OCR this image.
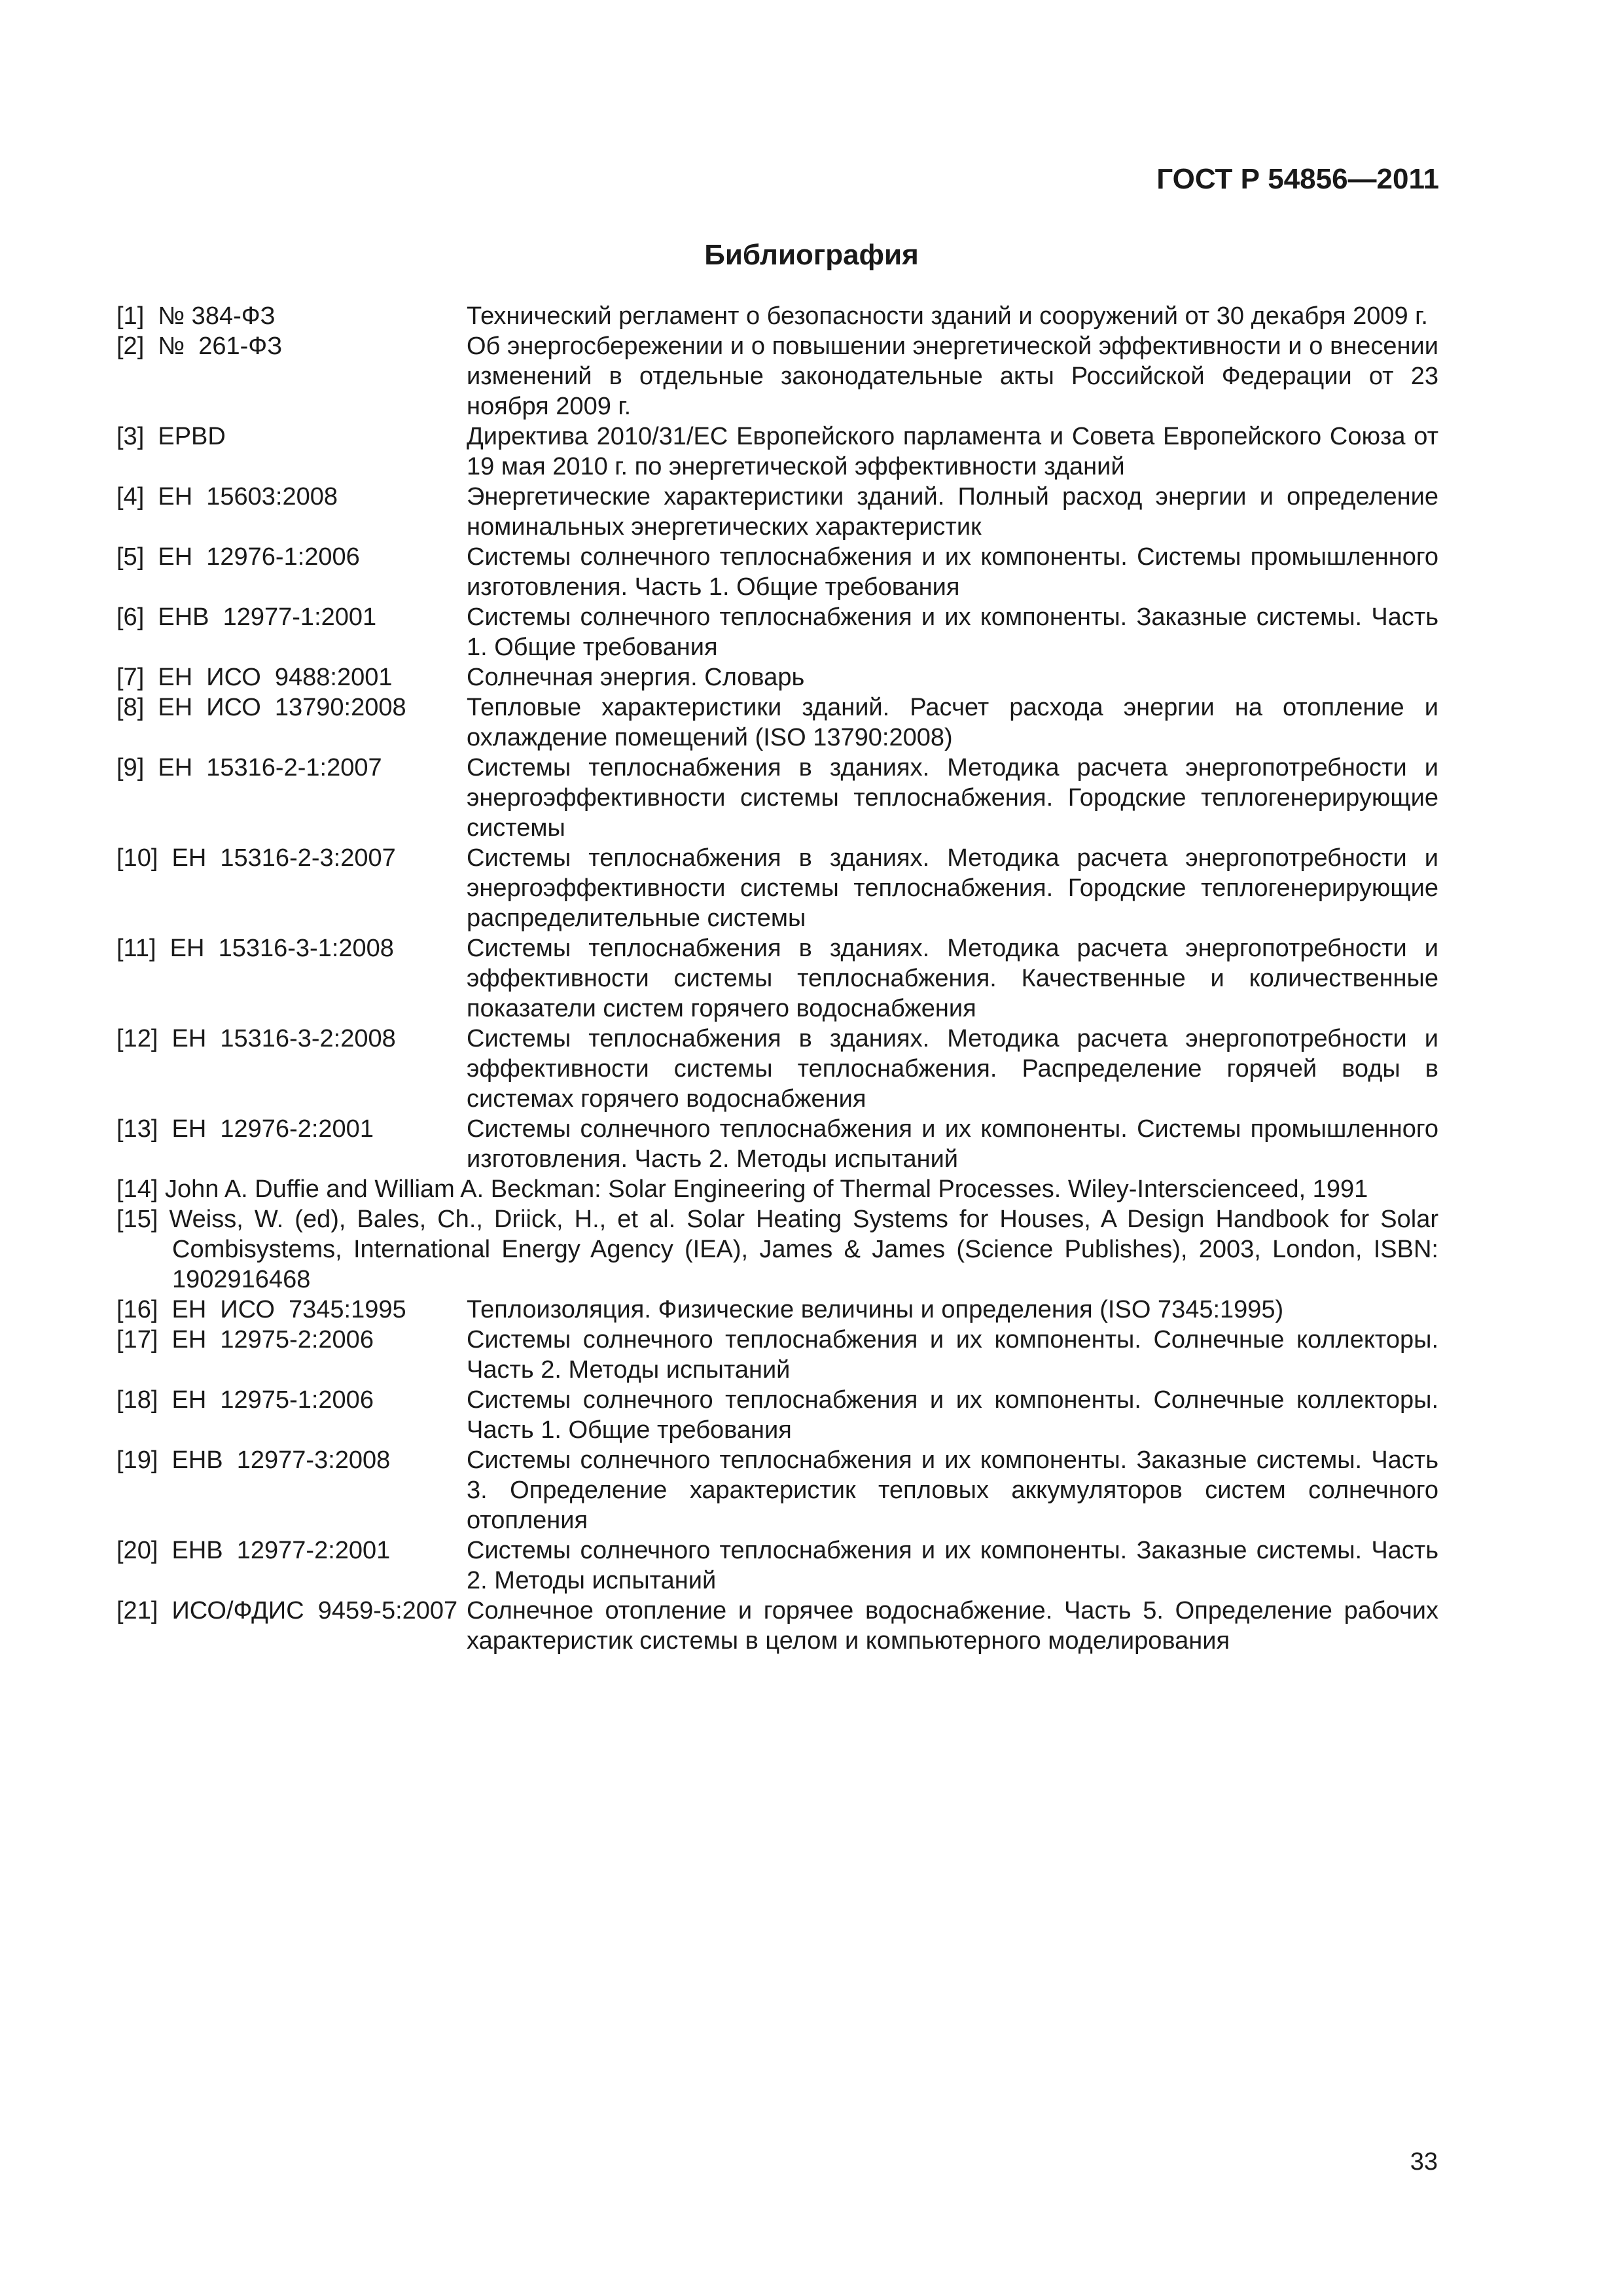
ГОСТ Р 54856—2011
Библиография
[1]  № 384-ФЗ	Технический регламент о безопасности зданий и сооружений от 30 декабря 2009 г.
[2]  №  261-ФЗ	Об энергосбережении и о повышении энергетической эффективности и о внесении изменений в отдельные законодательные акты Российской Федерации от 23 ноября 2009 г.
[3]  EPBD	Директива 2010/31/EC Европейского парламента и Совета Европейского Союза от 19 мая 2010 г. по энергетической эффективности зданий
[4]  ЕН  15603:2008	Энергетические характеристики зданий. Полный расход энергии и определение номинальных энергетических характеристик
[5]  ЕН  12976-1:2006	Системы солнечного теплоснабжения и их компоненты. Системы промышленного изготовления. Часть 1. Общие требования
[6]  ЕНВ  12977-1:2001	Системы солнечного теплоснабжения и их компоненты. Заказные системы. Часть 1. Общие требования
[7]  ЕН  ИСО  9488:2001	Солнечная энергия. Словарь
[8]  ЕН  ИСО  13790:2008	Тепловые характеристики зданий. Расчет расхода энергии на отопление и охлаждение помещений (ISO 13790:2008)
[9]  ЕН  15316-2-1:2007	Системы теплоснабжения в зданиях. Методика расчета энергопотребности и энергоэффективности системы теплоснабжения. Городские теплогенерирующие системы
[10]  ЕН  15316-2-3:2007	Системы теплоснабжения в зданиях. Методика расчета энергопотребности и энергоэффективности системы теплоснабжения. Городские теплогенерирующие распределительные системы
[11]  ЕН  15316-3-1:2008	Системы теплоснабжения в зданиях. Методика расчета энергопотребности и эффективности системы теплоснабжения. Качественные и количественные показатели систем горячего водоснабжения
[12]  ЕН  15316-3-2:2008	Системы теплоснабжения в зданиях. Методика расчета энергопотребности и эффективности системы теплоснабжения. Распределение горячей воды в системах горячего водоснабжения
[13]  ЕН  12976-2:2001	Системы солнечного теплоснабжения и их компоненты. Системы промышленного изготовления. Часть 2. Методы испытаний
[14] John A. Duffie and William A. Beckman: Solar Engineering of Thermal Processes. Wiley-Interscienceed, 1991
[15] Weiss, W. (ed), Bales, Ch., Driick, H., et al. Solar Heating Systems for Houses, A Design Handbook for Solar Combisystems, International Energy Agency (IEA), James & James (Science Publishes), 2003, London, ISBN: 1902916468
[16]  ЕН  ИСО  7345:1995	Теплоизоляция. Физические величины и определения (ISO 7345:1995)
[17]  ЕН  12975-2:2006	Системы солнечного теплоснабжения и их компоненты. Солнечные коллекторы. Часть 2. Методы испытаний
[18]  ЕН  12975-1:2006	Системы солнечного теплоснабжения и их компоненты. Солнечные коллекторы. Часть 1. Общие требования
[19]  ЕНВ  12977-3:2008	Системы солнечного теплоснабжения и их компоненты. Заказные системы. Часть 3. Определение характеристик тепловых аккумуляторов систем солнечного отопления
[20]  ЕНВ  12977-2:2001	Системы солнечного теплоснабжения и их компоненты. Заказные системы. Часть 2. Методы испытаний
[21]  ИСО/ФДИС  9459-5:2007 Солнечное отопление и горячее водоснабжение. Часть 5. Определение рабочих характеристик системы в целом и компьютерного моделирования
33
